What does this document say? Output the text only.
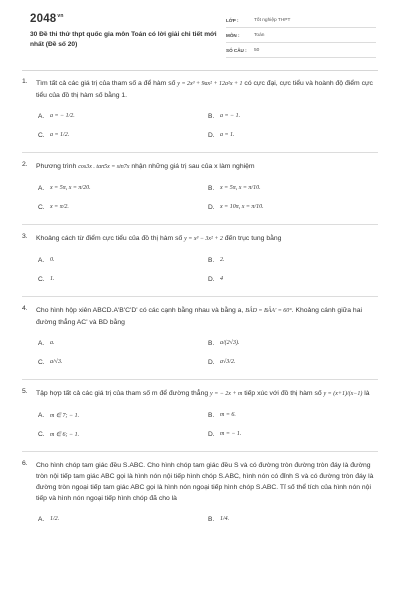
$2048^{vn}$
30 Đề thi thử thpt quốc gia môn Toán có lời giải chi tiết mới nhất (Đề số 20)
LỚP :	Tốt nghiệp THPT
MÔN :	Toán
SỐ CÂU :	50
1.	Tìm tất cả các giá trị của tham số a để hàm số y = 2x³ + 9ax² + 12a²x + 1 có cực đại, cực tiểu và hoành độ điểm cực tiểu của đồ thị hàm số bằng 1.
A. a = − 1/2.	B. a = − 1.
C. a = 1/2.	D. a = 1.
2.	Phương trình cos3x . tan5x = sin7x nhận những giá trị sau của x làm nghiệm
A. x = 5π, x = π/20.	B. x = 5π, x = π/10.
C. x = π/2.	D. x = 10π, x = π/10.
3.	Khoảng cách từ điểm cực tiểu của đồ thị hàm số y = x³ − 3x² + 2 đến trục tung bằng
A. 0.	B. 2.
C. 1.	D. 4
4.	Cho hình hộp xiên ABCD.A'B'C'D' có các cạnh bằng nhau và bằng a, BÂD = BÂA' = 60°. Khoảng cánh giữa hai đường thẳng AC' và BD bằng
A. a.	B. a/(2√3).
C. a/√3.	D. a√3/2.
5.	Tập hợp tất cả các giá trị của tham số m để đường thẳng y = − 2x + m tiếp xúc với đồ thị hàm số y = (x+1)/(x−1) là
A. m ∈ 7; − 1.	B. m = 6.
C. m ∈ 6; − 1.	D. m = − 1.
6.	Cho hình chóp tam giác đều S.ABC. Cho hình chóp tam giác đều S và có đường tròn đường tròn đáy là đường tròn nội tiếp tam giác ABC gọi là hình nón nội tiếp hình chóp S.ABC, hình nón có đỉnh S và có đường tròn đáy là đường tròn ngoại tiếp tam giác ABC gọi là hình nón ngoại tiếp hình chóp S.ABC. Tỉ số thể tích của hình nón nội tiếp và hình nón ngoại tiếp hình chóp đã cho là
A. 1/2.	B. 1/4.
